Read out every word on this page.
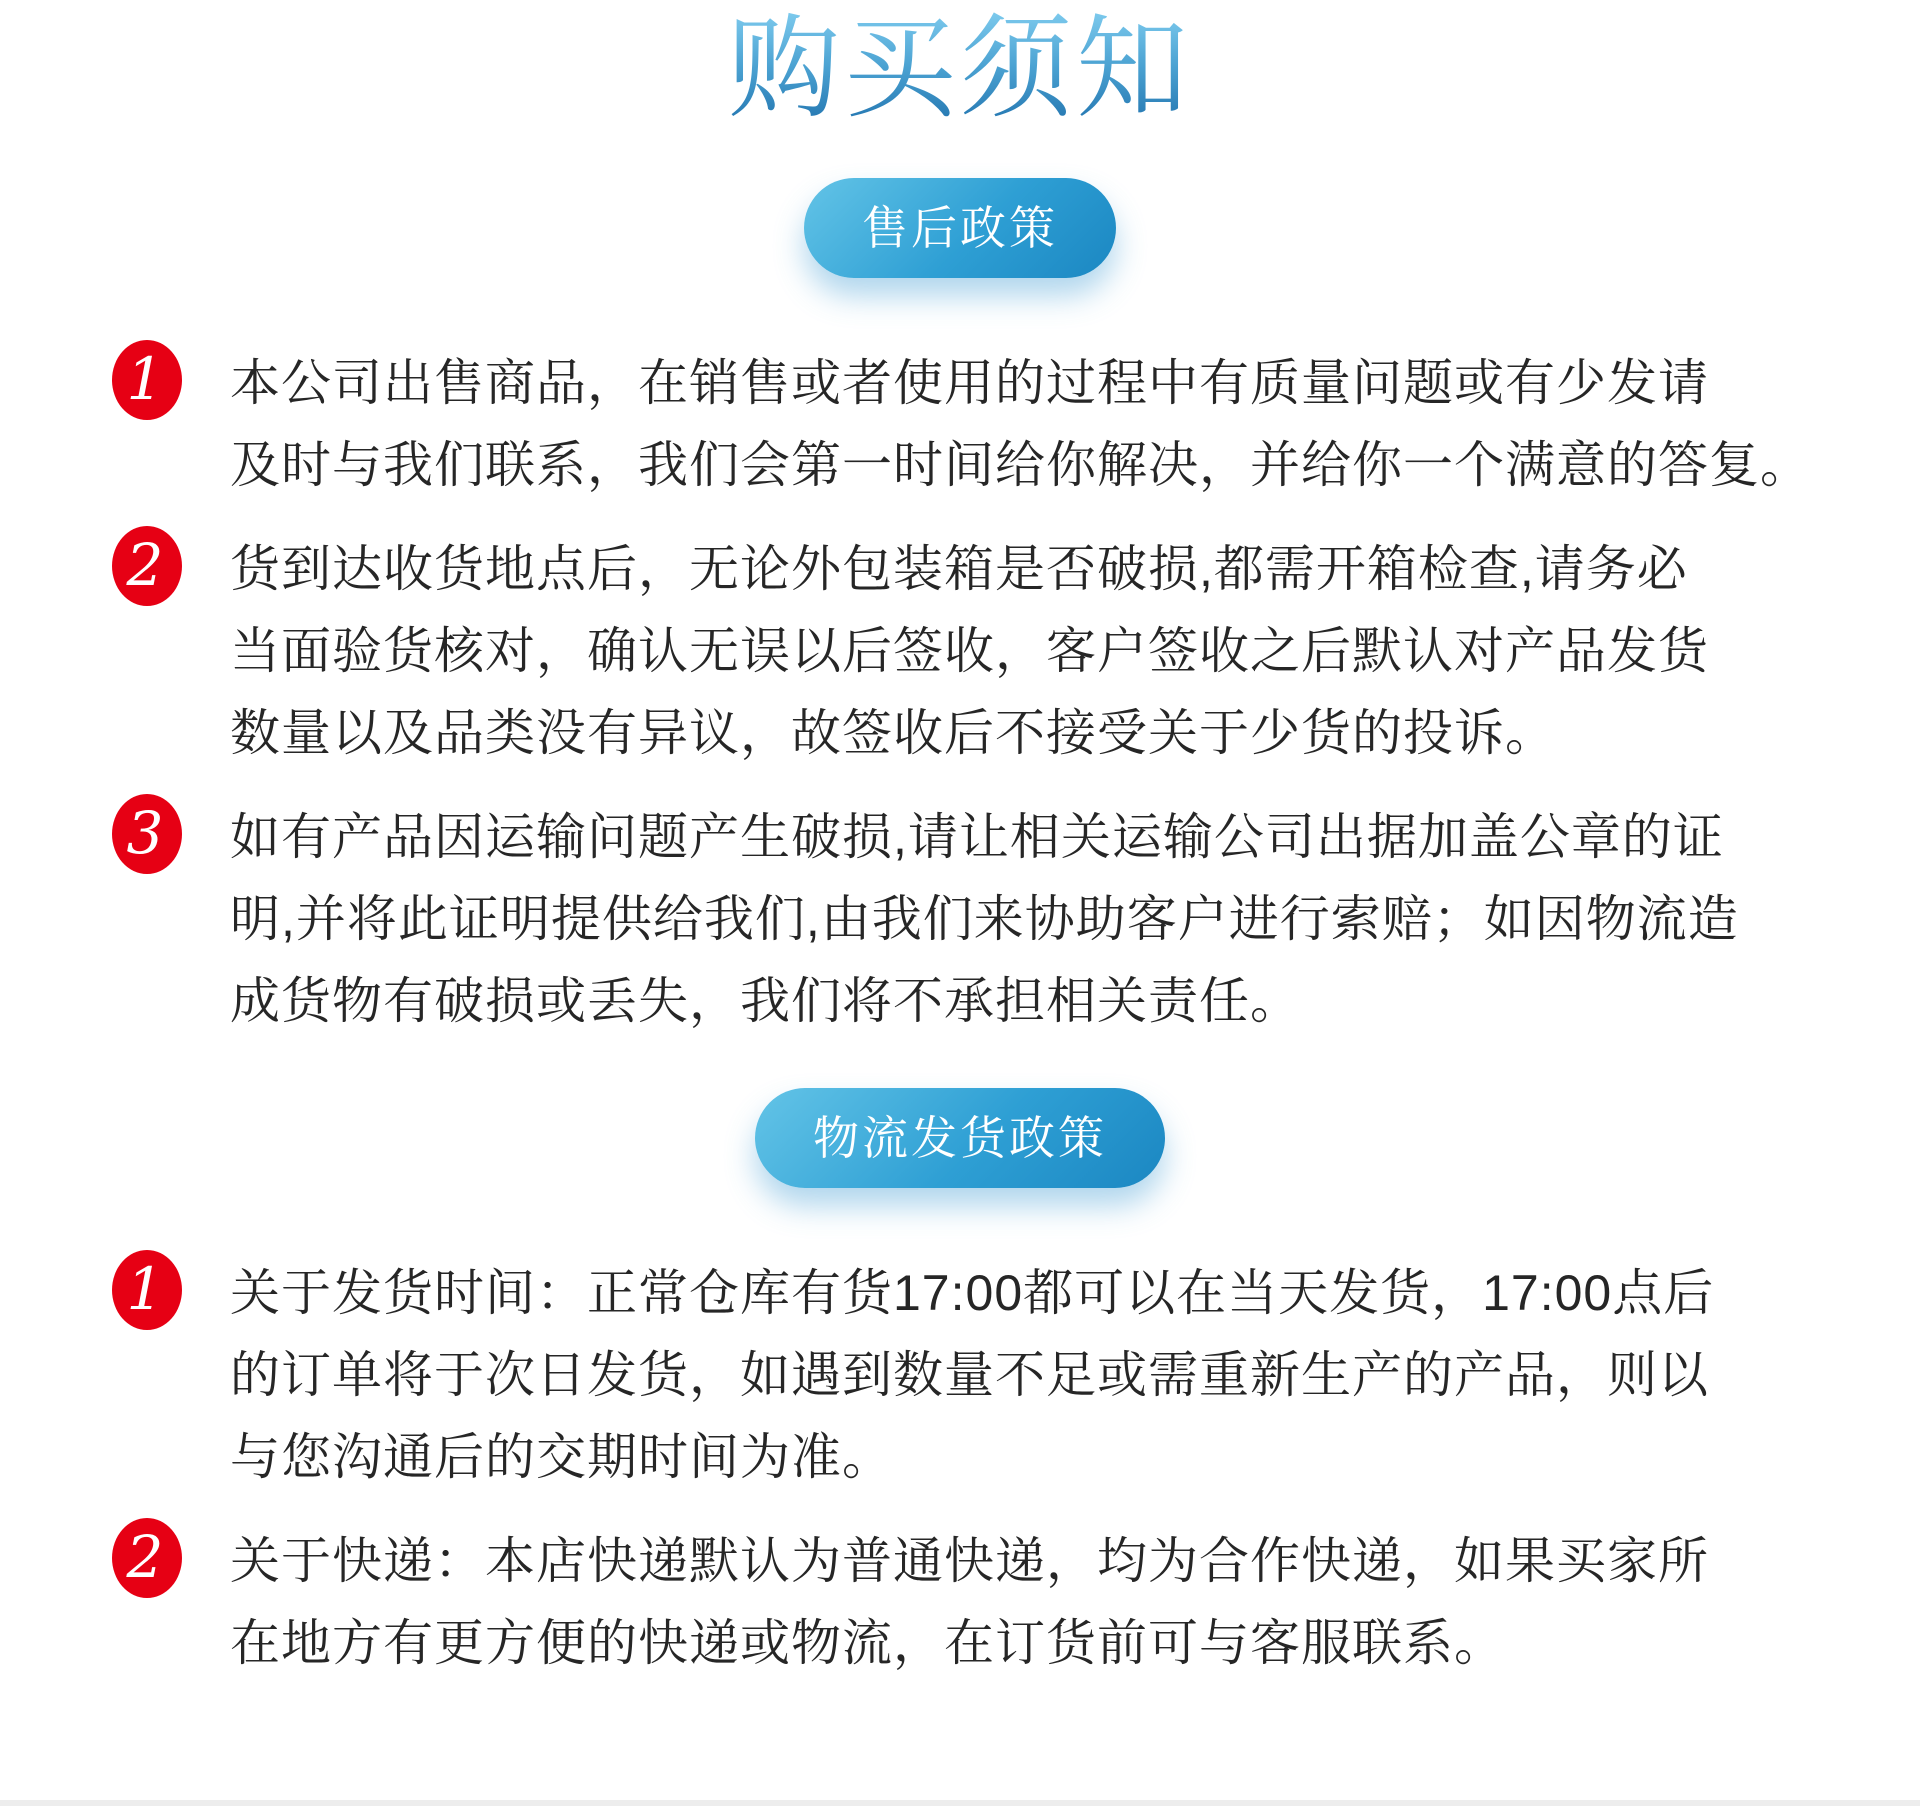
购买须知
售后政策
1 本公司出售商品，在销售或者使用的过程中有质量问题或有少发请
及时与我们联系，我们会第一时间给你解决，并给你一个满意的答复。
2 货到达收货地点后，无论外包装箱是否破损,都需开箱检查,请务必
当面验货核对，确认无误以后签收，客户签收之后默认对产品发货
数量以及品类没有异议，故签收后不接受关于少货的投诉。
3 如有产品因运输问题产生破损,请让相关运输公司出据加盖公章的证
明,并将此证明提供给我们,由我们来协助客户进行索赔；如因物流造
成货物有破损或丢失，我们将不承担相关责任。
物流发货政策
1 关于发货时间：正常仓库有货17:00都可以在当天发货，17:00点后
的订单将于次日发货，如遇到数量不足或需重新生产的产品，则以
与您沟通后的交期时间为准。
2 关于快递：本店快递默认为普通快递，均为合作快递，如果买家所
在地方有更方便的快递或物流，在订货前可与客服联系。
